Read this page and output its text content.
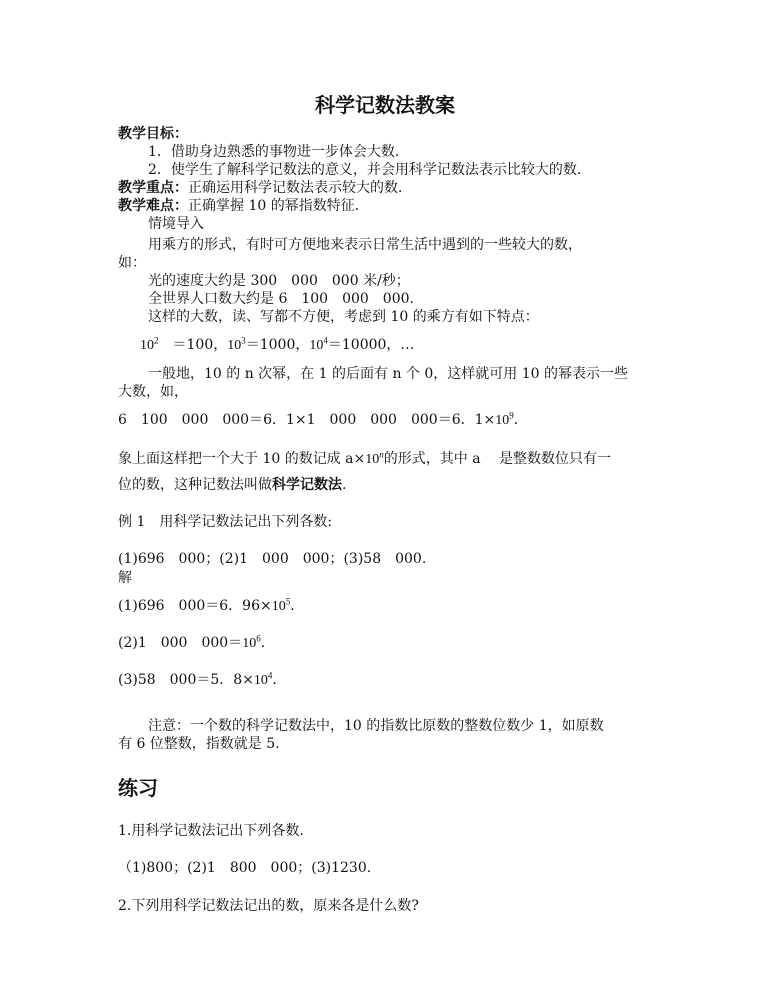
科学记数法教案
教学目标：
1．借助身边熟悉的事物进一步体会大数．
2．使学生了解科学记数法的意义，并会用科学记数法表示比较大的数．
教学重点：正确运用科学记数法表示较大的数．
教学难点：正确掌握 10 的幂指数特征．
情境导入
用乘方的形式，有时可方便地来表示日常生活中遇到的一些较大的数，
如：
光的速度大约是 300　000　000 米/秒；
全世界人口数大约是 6　100　000　000.
这样的大数，读、写都不方便，考虑到 10 的乘方有如下特点：
$10^2$　＝100，$10^3=1000$，$10^4=10000$，…
一般地，10 的 n 次幂，在 1 的后面有 n 个 0，这样就可用 10 的幂表示一些
大数，如，
6　100　000　000＝6．1×1　000　000　000＝6．$1\times 10^9$．
象上面这样把一个大于 10 的数记成 $a\times 10^n$的形式，其中 a　 是整数数位只有一
位的数，这种记数法叫做科学记数法.
例 1　用科学记数法记出下列各数:
(1)696　000；(2)1　000　000；(3)58　000.
解
(1)696　000＝6．$96\times 10^5$．
(2)1　000　$000=10^6$．
(3)58　000＝5．$8\times 10^4$．
注意：一个数的科学记数法中，10 的指数比原数的整数位数少 1，如原数
有 6 位整数，指数就是 5.
练习
1.用科学记数法记出下列各数.
（1)800；(2)1　800　000；(3)1230.
2.下列用科学记数法记出的数，原来各是什么数?
